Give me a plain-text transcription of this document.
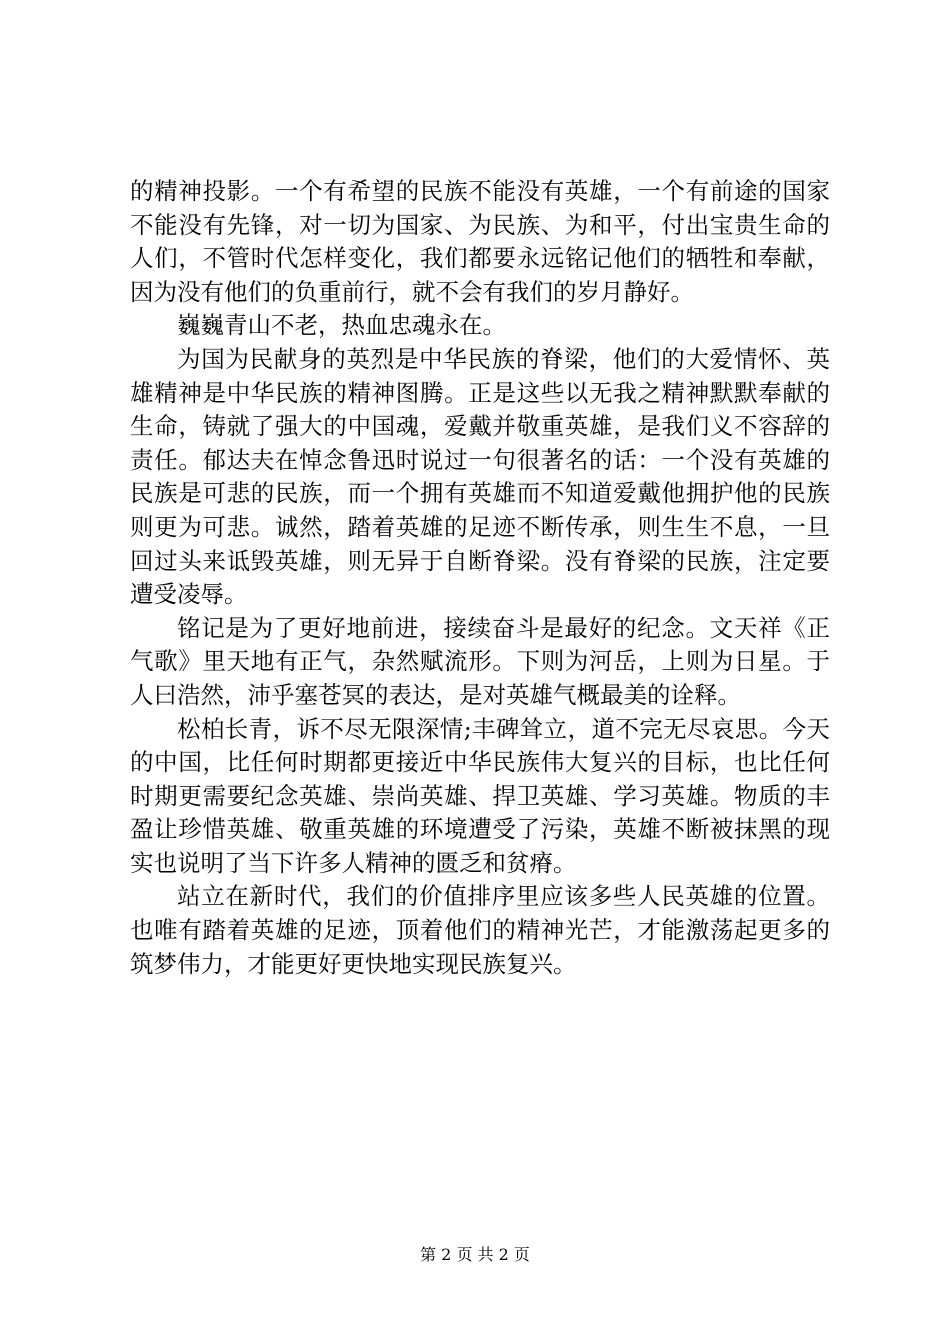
的精神投影。一个有希望的民族不能没有英雄，一个有前途的国家不能没有先锋，对一切为国家、为民族、为和平，付出宝贵生命的人们，不管时代怎样变化，我们都要永远铭记他们的牺牲和奉献，因为没有他们的负重前行，就不会有我们的岁月静好。

巍巍青山不老，热血忠魂永在。

为国为民献身的英烈是中华民族的脊梁，他们的大爱情怀、英雄精神是中华民族的精神图腾。正是这些以无我之精神默默奉献的生命，铸就了强大的中国魂，爱戴并敬重英雄，是我们义不容辞的责任。郁达夫在悼念鲁迅时说过一句很著名的话：一个没有英雄的民族是可悲的民族，而一个拥有英雄而不知道爱戴他拥护他的民族则更为可悲。诚然，踏着英雄的足迹不断传承，则生生不息，一旦回过头来诋毁英雄，则无异于自断脊梁。没有脊梁的民族，注定要遭受凌辱。

铭记是为了更好地前进，接续奋斗是最好的纪念。文天祥《正气歌》里天地有正气，杂然赋流形。下则为河岳，上则为日星。于人曰浩然，沛乎塞苍冥的表达，是对英雄气概最美的诠释。

松柏长青，诉不尽无限深情;丰碑耸立，道不完无尽哀思。今天的中国，比任何时期都更接近中华民族伟大复兴的目标，也比任何时期更需要纪念英雄、崇尚英雄、捍卫英雄、学习英雄。物质的丰盈让珍惜英雄、敬重英雄的环境遭受了污染，英雄不断被抹黑的现实也说明了当下许多人精神的匮乏和贫瘠。

站立在新时代，我们的价值排序里应该多些人民英雄的位置。也唯有踏着英雄的足迹，顶着他们的精神光芒，才能激荡起更多的筑梦伟力，才能更好更快地实现民族复兴。

第 2 页 共 2 页
